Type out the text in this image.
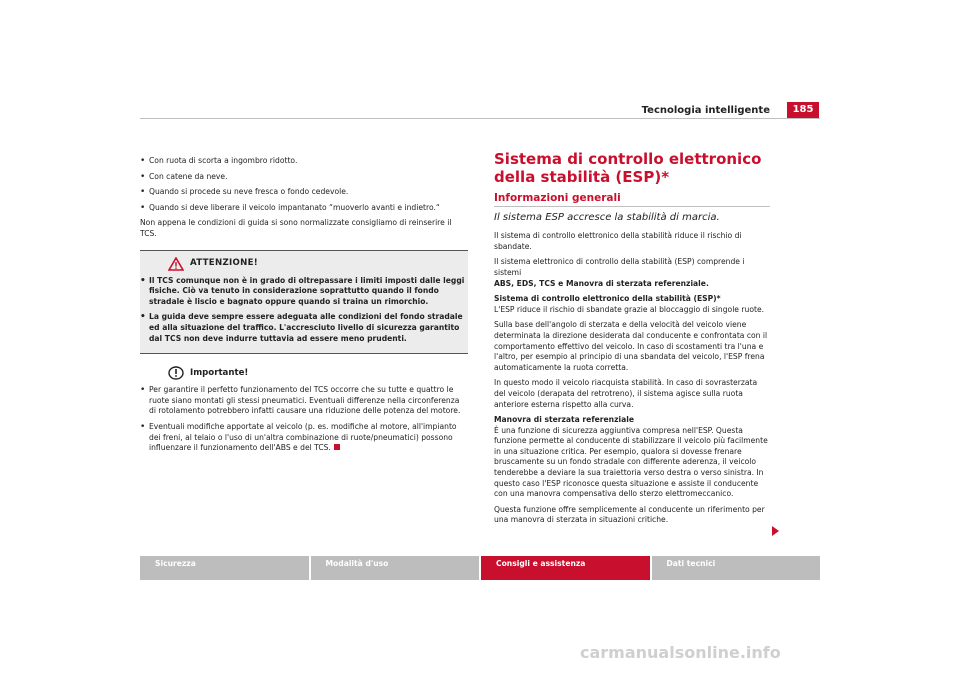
Tecnologia intelligente	185
• Con ruota di scorta a ingombro ridotto.
• Con catene da neve.
• Quando si procede su neve fresca o fondo cedevole.
• Quando si deve liberare il veicolo impantanato “muoverlo avanti e indietro.“

Non appena le condizioni di guida si sono normalizzate consigliamo di reinserire il TCS.

ATTENZIONE!
• Il TCS comunque non è in grado di oltrepassare i limiti imposti dalle leggi fisiche. Ciò va tenuto in considerazione soprattutto quando il fondo stradale è liscio e bagnato oppure quando si traina un rimorchio.
• La guida deve sempre essere adeguata alle condizioni del fondo stradale ed alla situazione del traffico. L'accresciuto livello di sicurezza garantito dal TCS non deve indurre tuttavia ad essere meno prudenti.
Importante!
• Per garantire il perfetto funzionamento del TCS occorre che su tutte e quattro le ruote siano montati gli stessi pneumatici. Eventuali differenze nella circonferenza di rotolamento potrebbero infatti causare una riduzione delle potenza del motore.
• Eventuali modifiche apportate al veicolo (p. es. modifiche al motore, all'impianto dei freni, al telaio o l'uso di un'altra combinazione di ruote/pneumatici) possono influenzare il funzionamento dell'ABS e del TCS.
Sistema di controllo elettronico della stabilità (ESP)*
Informazioni generali
Il sistema ESP accresce la stabilità di marcia.

Il sistema di controllo elettronico della stabilità riduce il rischio di sbandate.

Il sistema elettronico di controllo della stabilità (ESP) comprende i sistemi
ABS, EDS, TCS e Manovra di sterzata referenziale.

Sistema di controllo elettronico della stabilità (ESP)*

L'ESP riduce il rischio di sbandate grazie al bloccaggio di singole ruote.

Sulla base dell'angolo di sterzata e della velocità del veicolo viene determinata la direzione desiderata dal conducente e confrontata con il comportamento effettivo del veicolo. In caso di scostamenti tra l'una e l'altro, per esempio al principio di una sbandata del veicolo, l'ESP frena automaticamente la ruota corretta.

In questo modo il veicolo riacquista stabilità. In caso di sovrasterzata del veicolo (derapata del retrotreno), il sistema agisce sulla ruota anteriore esterna rispetto alla curva.

Manovra di sterzata referenziale

È una funzione di sicurezza aggiuntiva compresa nell'ESP. Questa funzione permette al conducente di stabilizzare il veicolo più facilmente in una situazione critica. Per esempio, qualora si dovesse frenare bruscamente su un fondo stradale con differente aderenza, il veicolo tenderebbe a deviare la sua traiettoria verso destra o verso sinistra. In questo caso l'ESP riconosce questa situazione e assiste il conducente con una manovra compensativa dello sterzo elettromeccanico.

Questa funzione offre semplicemente al conducente un riferimento per una manovra di sterzata in situazioni critiche.

Sicurezza	Modalità d'uso	Consigli e assistenza	Dati tecnici
carmanualsonline.info
